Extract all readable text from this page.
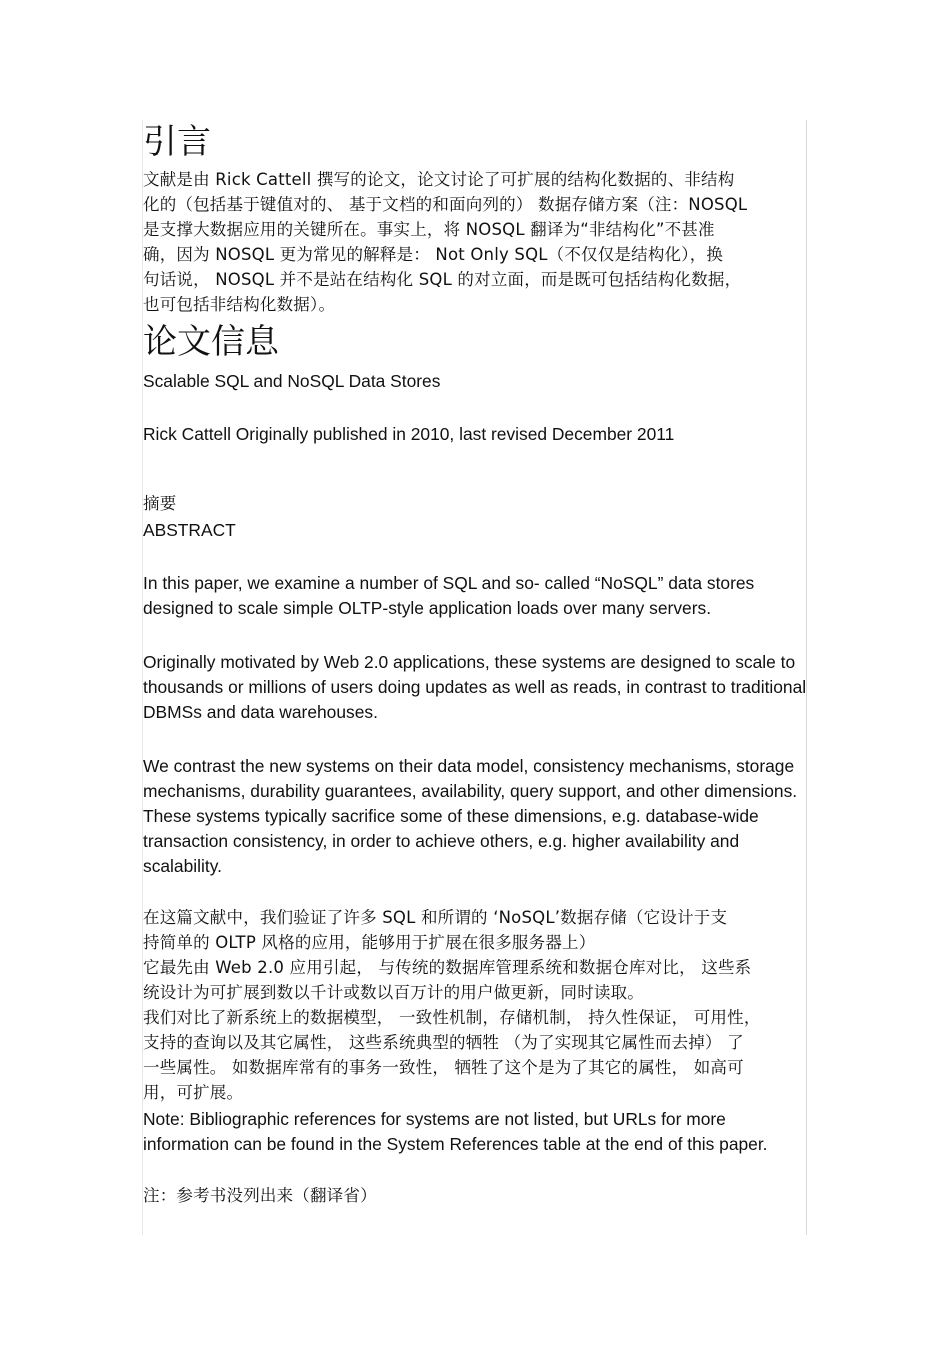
引言
文献是由 Rick Cattell 撰写的论文，论文讨论了可扩展的结构化数据的、非结构
化的（包括基于键值对的、 基于文档的和面向列的） 数据存储方案（注：NOSQL
是支撑大数据应用的关键所在。事实上，将 NOSQL 翻译为“非结构化”不甚准
确，因为 NOSQL 更为常见的解释是： Not Only SQL（不仅仅是结构化），换
句话说， NOSQL 并不是站在结构化 SQL 的对立面，而是既可包括结构化数据，
也可包括非结构化数据）。
论文信息
Scalable SQL and NoSQL Data Stores
Rick Cattell Originally published in 2010, last revised December 2011
摘要
ABSTRACT
In this paper, we examine a number of SQL and so- called “NoSQL” data stores
designed to scale simple OLTP-style application loads over many servers.
Originally motivated by Web 2.0 applications, these systems are designed to scale to
thousands or millions of users doing updates as well as reads, in contrast to traditional
DBMSs and data warehouses.
We contrast the new systems on their data model, consistency mechanisms, storage
mechanisms, durability guarantees, availability, query support, and other dimensions.
These systems typically sacrifice some of these dimensions, e.g. database-wide
transaction consistency, in order to achieve others, e.g. higher availability and
scalability.
在这篇文献中，我们验证了许多 SQL 和所谓的 ‘NoSQL’数据存储（它设计于支
持简单的 OLTP 风格的应用，能够用于扩展在很多服务器上）
它最先由 Web 2.0 应用引起， 与传统的数据库管理系统和数据仓库对比， 这些系
统设计为可扩展到数以千计或数以百万计的用户做更新，同时读取。
我们对比了新系统上的数据模型， 一致性机制，存储机制， 持久性保证， 可用性，
支持的查询以及其它属性， 这些系统典型的牺牲 （为了实现其它属性而去掉） 了
一些属性。 如数据库常有的事务一致性， 牺牲了这个是为了其它的属性， 如高可
用，可扩展。
Note: Bibliographic references for systems are not listed, but URLs for more
information can be found in the System References table at the end of this paper.
注：参考书没列出来（翻译省）
